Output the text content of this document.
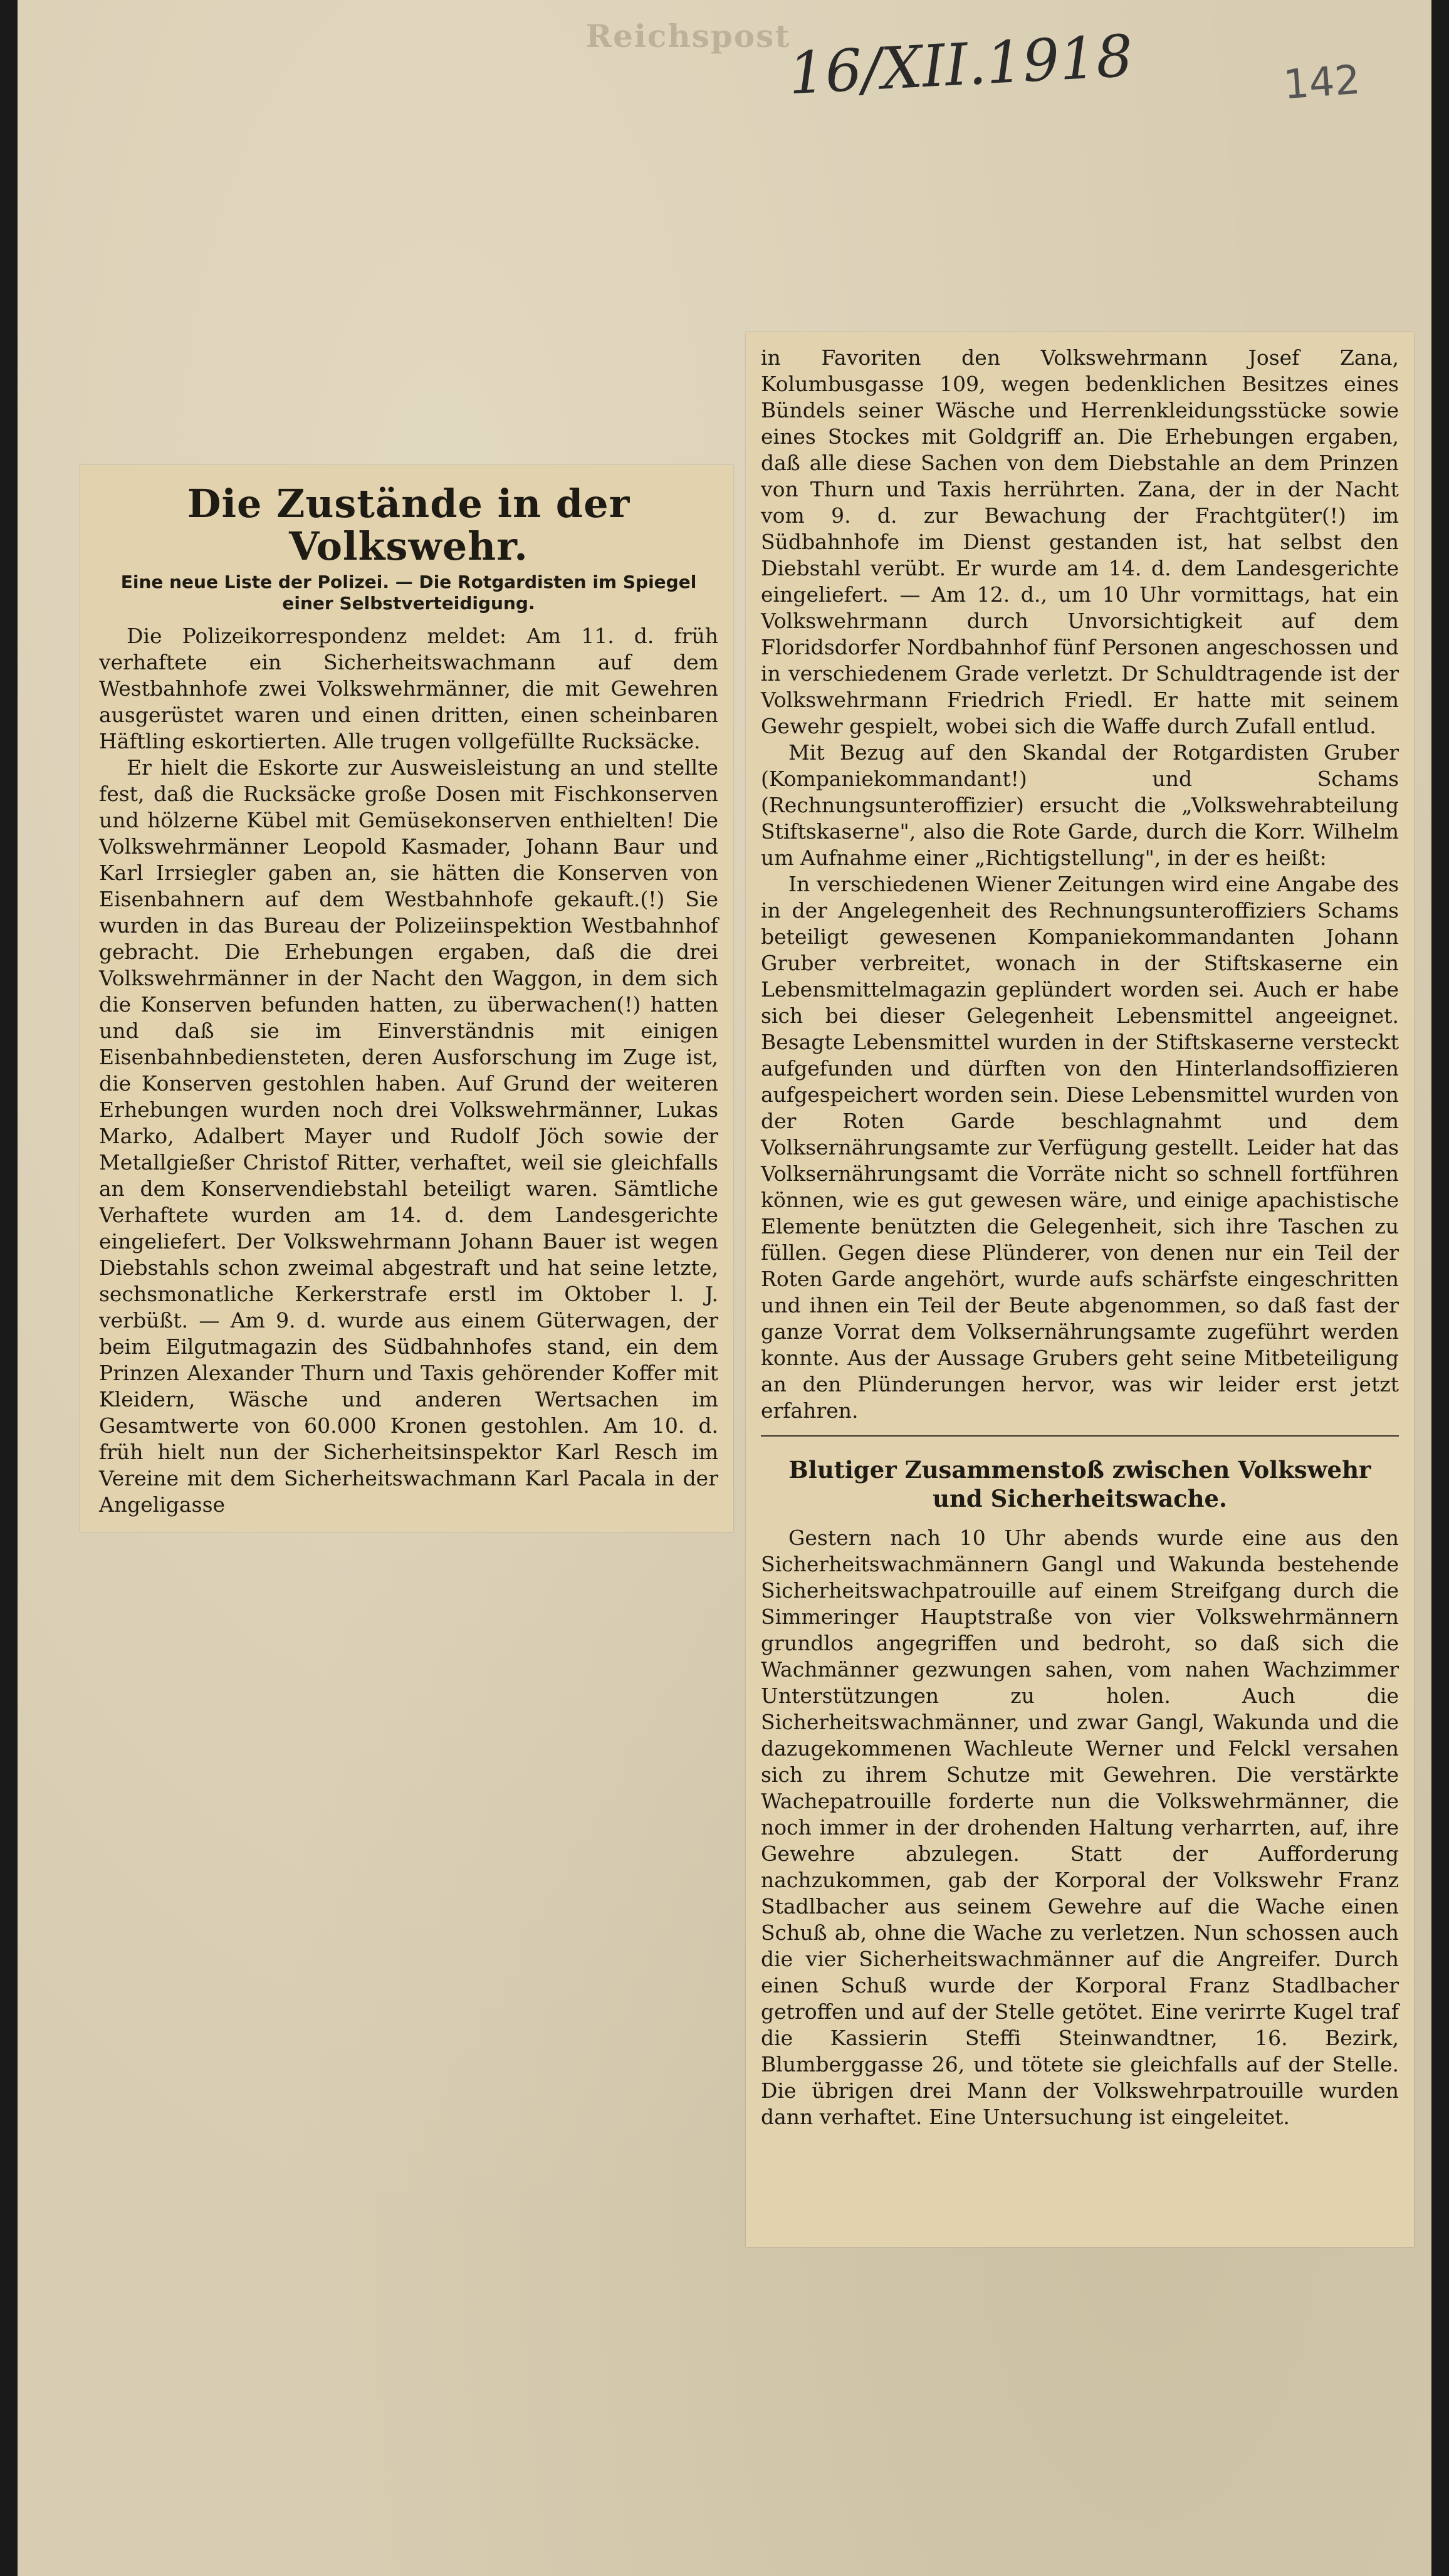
Reichspost
16/XII.1918	142
Die Zustände in der Volkswehr.
Eine neue Liste der Polizei. — Die Rotgardisten im Spiegel einer Selbstverteidigung.

Die Polizeikorrespondenz meldet: Am 11. d. früh verhaftete ein Sicherheitswachmann auf dem Westbahnhofe zwei Volkswehrmänner, die mit Gewehren ausgerüstet waren und einen dritten, einen scheinbaren Häftling eskortierten. Alle trugen vollgefüllte Rucksäcke.

Er hielt die Eskorte zur Ausweisleistung an und stellte fest, daß die Rucksäcke große Dosen mit Fischkonserven und hölzerne Kübel mit Gemüsekonserven enthielten! Die Volkswehrmänner Leopold Kasmader, Johann Baur und Karl Irrsiegler gaben an, sie hätten die Konserven von Eisenbahnern auf dem Westbahnhofe gekauft.(!) Sie wurden in das Bureau der Polizeiinspektion Westbahnhof gebracht. Die Erhebungen ergaben, daß die drei Volkswehrmänner in der Nacht den Waggon, in dem sich die Konserven befunden hatten, zu überwachen(!) hatten und daß sie im Einverständnis mit einigen Eisenbahnbediensteten, deren Ausforschung im Zuge ist, die Konserven gestohlen haben. Auf Grund der weiteren Erhebungen wurden noch drei Volkswehrmänner, Lukas Marko, Adalbert Mayer und Rudolf Jöch sowie der Metallgießer Christof Ritter, verhaftet, weil sie gleichfalls an dem Konservendiebstahl beteiligt waren. Sämtliche Verhaftete wurden am 14. d. dem Landesgerichte eingeliefert. Der Volkswehrmann Johann Bauer ist wegen Diebstahls schon zweimal abgestraft und hat seine letzte, sechsmonatliche Kerkerstrafe erstl im Oktober l. J. verbüßt. — Am 9. d. wurde aus einem Güterwagen, der beim Eilgutmagazin des Südbahnhofes stand, ein dem Prinzen Alexander Thurn und Taxis gehörender Koffer mit Kleidern, Wäsche und anderen Wertsachen im Gesamtwerte von 60.000 Kronen gestohlen. Am 10. d. früh hielt nun der Sicherheitsinspektor Karl Resch im Vereine mit dem Sicherheitswachmann Karl Pacala in der Angeligasse

in Favoriten den Volkswehrmann Josef Zana, Kolumbusgasse 109, wegen bedenklichen Besitzes eines Bündels seiner Wäsche und Herrenkleidungsstücke sowie eines Stockes mit Goldgriff an. Die Erhebungen ergaben, daß alle diese Sachen von dem Diebstahle an dem Prinzen von Thurn und Taxis herrührten. Zana, der in der Nacht vom 9. d. zur Bewachung der Frachtgüter(!) im Südbahnhofe im Dienst gestanden ist, hat selbst den Diebstahl verübt. Er wurde am 14. d. dem Landesgerichte eingeliefert. — Am 12. d., um 10 Uhr vormittags, hat ein Volkswehrmann durch Unvorsichtigkeit auf dem Floridsdorfer Nordbahnhof fünf Personen angeschossen und in verschiedenem Grade verletzt. Dr Schuldtragende ist der Volkswehrmann Friedrich Friedl. Er hatte mit seinem Gewehr gespielt, wobei sich die Waffe durch Zufall entlud.

Mit Bezug auf den Skandal der Rotgardisten Gruber (Kompaniekommandant!) und Schams (Rechnungsunteroffizier) ersucht die „Volkswehrabteilung Stiftskaserne", also die Rote Garde, durch die Korr. Wilhelm um Aufnahme einer „Richtigstellung", in der es heißt:

In verschiedenen Wiener Zeitungen wird eine Angabe des in der Angelegenheit des Rechnungsunteroffiziers Schams beteiligt gewesenen Kompaniekommandanten Johann Gruber verbreitet, wonach in der Stiftskaserne ein Lebensmittelmagazin geplündert worden sei. Auch er habe sich bei dieser Gelegenheit Lebensmittel angeeignet. Besagte Lebensmittel wurden in der Stiftskaserne versteckt aufgefunden und dürften von den Hinterlandsoffizieren aufgespeichert worden sein. Diese Lebensmittel wurden von der Roten Garde beschlagnahmt und dem Volksernährungsamte zur Verfügung gestellt. Leider hat das Volksernährungsamt die Vorräte nicht so schnell fortführen können, wie es gut gewesen wäre, und einige apachistische Elemente benützten die Gelegenheit, sich ihre Taschen zu füllen. Gegen diese Plünderer, von denen nur ein Teil der Roten Garde angehört, wurde aufs schärfste eingeschritten und ihnen ein Teil der Beute abgenommen, so daß fast der ganze Vorrat dem Volksernährungsamte zugeführt werden konnte. Aus der Aussage Grubers geht seine Mitbeteiligung an den Plünderungen hervor, was wir leider erst jetzt erfahren.

Blutiger Zusammenstoß zwischen Volkswehr und Sicherheitswache.

Gestern nach 10 Uhr abends wurde eine aus den Sicherheitswachmännern Gangl und Wakunda bestehende Sicherheitswachpatrouille auf einem Streifgang durch die Simmeringer Hauptstraße von vier Volkswehrmännern grundlos angegriffen und bedroht, so daß sich die Wachmänner gezwungen sahen, vom nahen Wachzimmer Unterstützungen zu holen. Auch die Sicherheitswachmänner, und zwar Gangl, Wakunda und die dazugekommenen Wachleute Werner und Felckl versahen sich zu ihrem Schutze mit Gewehren. Die verstärkte Wachepatrouille forderte nun die Volkswehrmänner, die noch immer in der drohenden Haltung verharrten, auf, ihre Gewehre abzulegen. Statt der Aufforderung nachzukommen, gab der Korporal der Volkswehr Franz Stadlbacher aus seinem Gewehre auf die Wache einen Schuß ab, ohne die Wache zu verletzen. Nun schossen auch die vier Sicherheitswachmänner auf die Angreifer. Durch einen Schuß wurde der Korporal Franz Stadlbacher getroffen und auf der Stelle getötet. Eine verirrte Kugel traf die Kassierin Steffi Steinwandtner, 16. Bezirk, Blumberggasse 26, und tötete sie gleichfalls auf der Stelle. Die übrigen drei Mann der Volkswehrpatrouille wurden dann verhaftet. Eine Untersuchung ist eingeleitet.
